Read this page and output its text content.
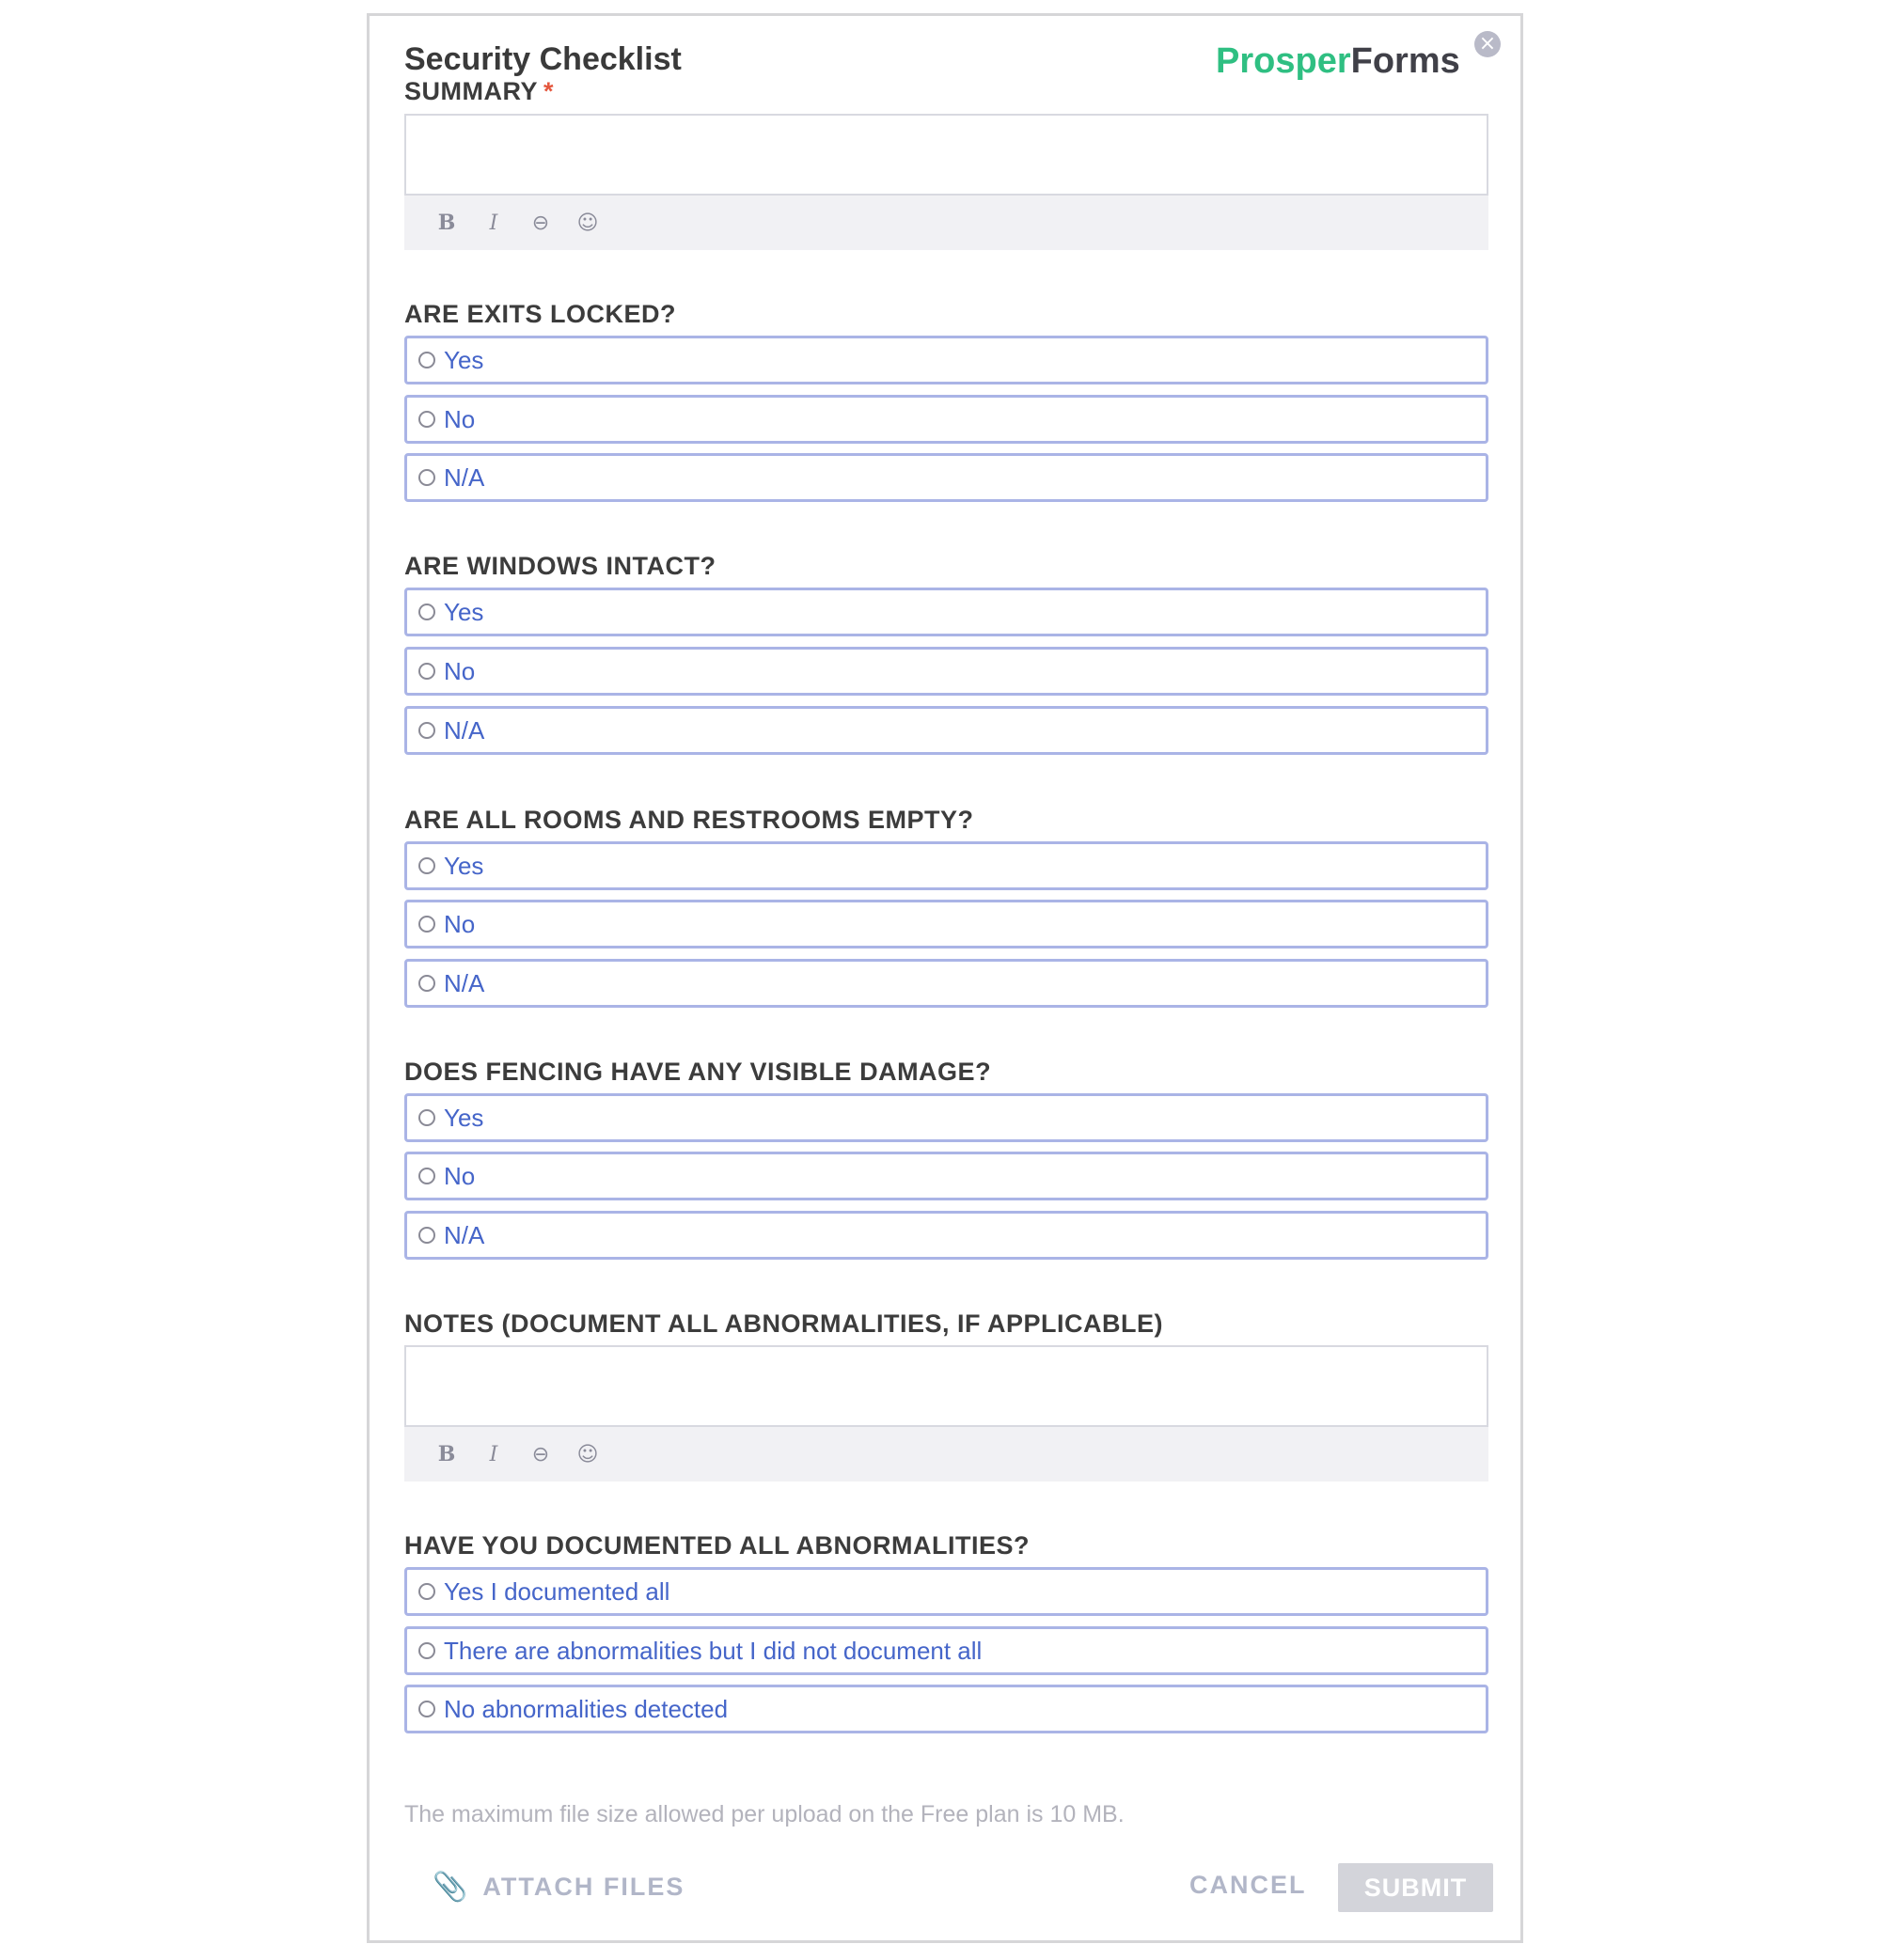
×
Security Checklist	ProsperForms
SUMMARY *
B	I	⊖ ☺
ARE EXITS LOCKED?
Yes
No
N/A
ARE WINDOWS INTACT?
Yes
No
N/A
ARE ALL ROOMS AND RESTROOMS EMPTY?
Yes
No
N/A
DOES FENCING HAVE ANY VISIBLE DAMAGE?
Yes
No
N/A
NOTES (DOCUMENT ALL ABNORMALITIES, IF APPLICABLE)
B	I	⊖ ☺
HAVE YOU DOCUMENTED ALL ABNORMALITIES?
Yes I documented all
There are abnormalities but I did not document all
No abnormalities detected
The maximum file size allowed per upload on the Free plan is 10 MB.
📎 ATTACH FILES	CANCEL	SUBMIT
